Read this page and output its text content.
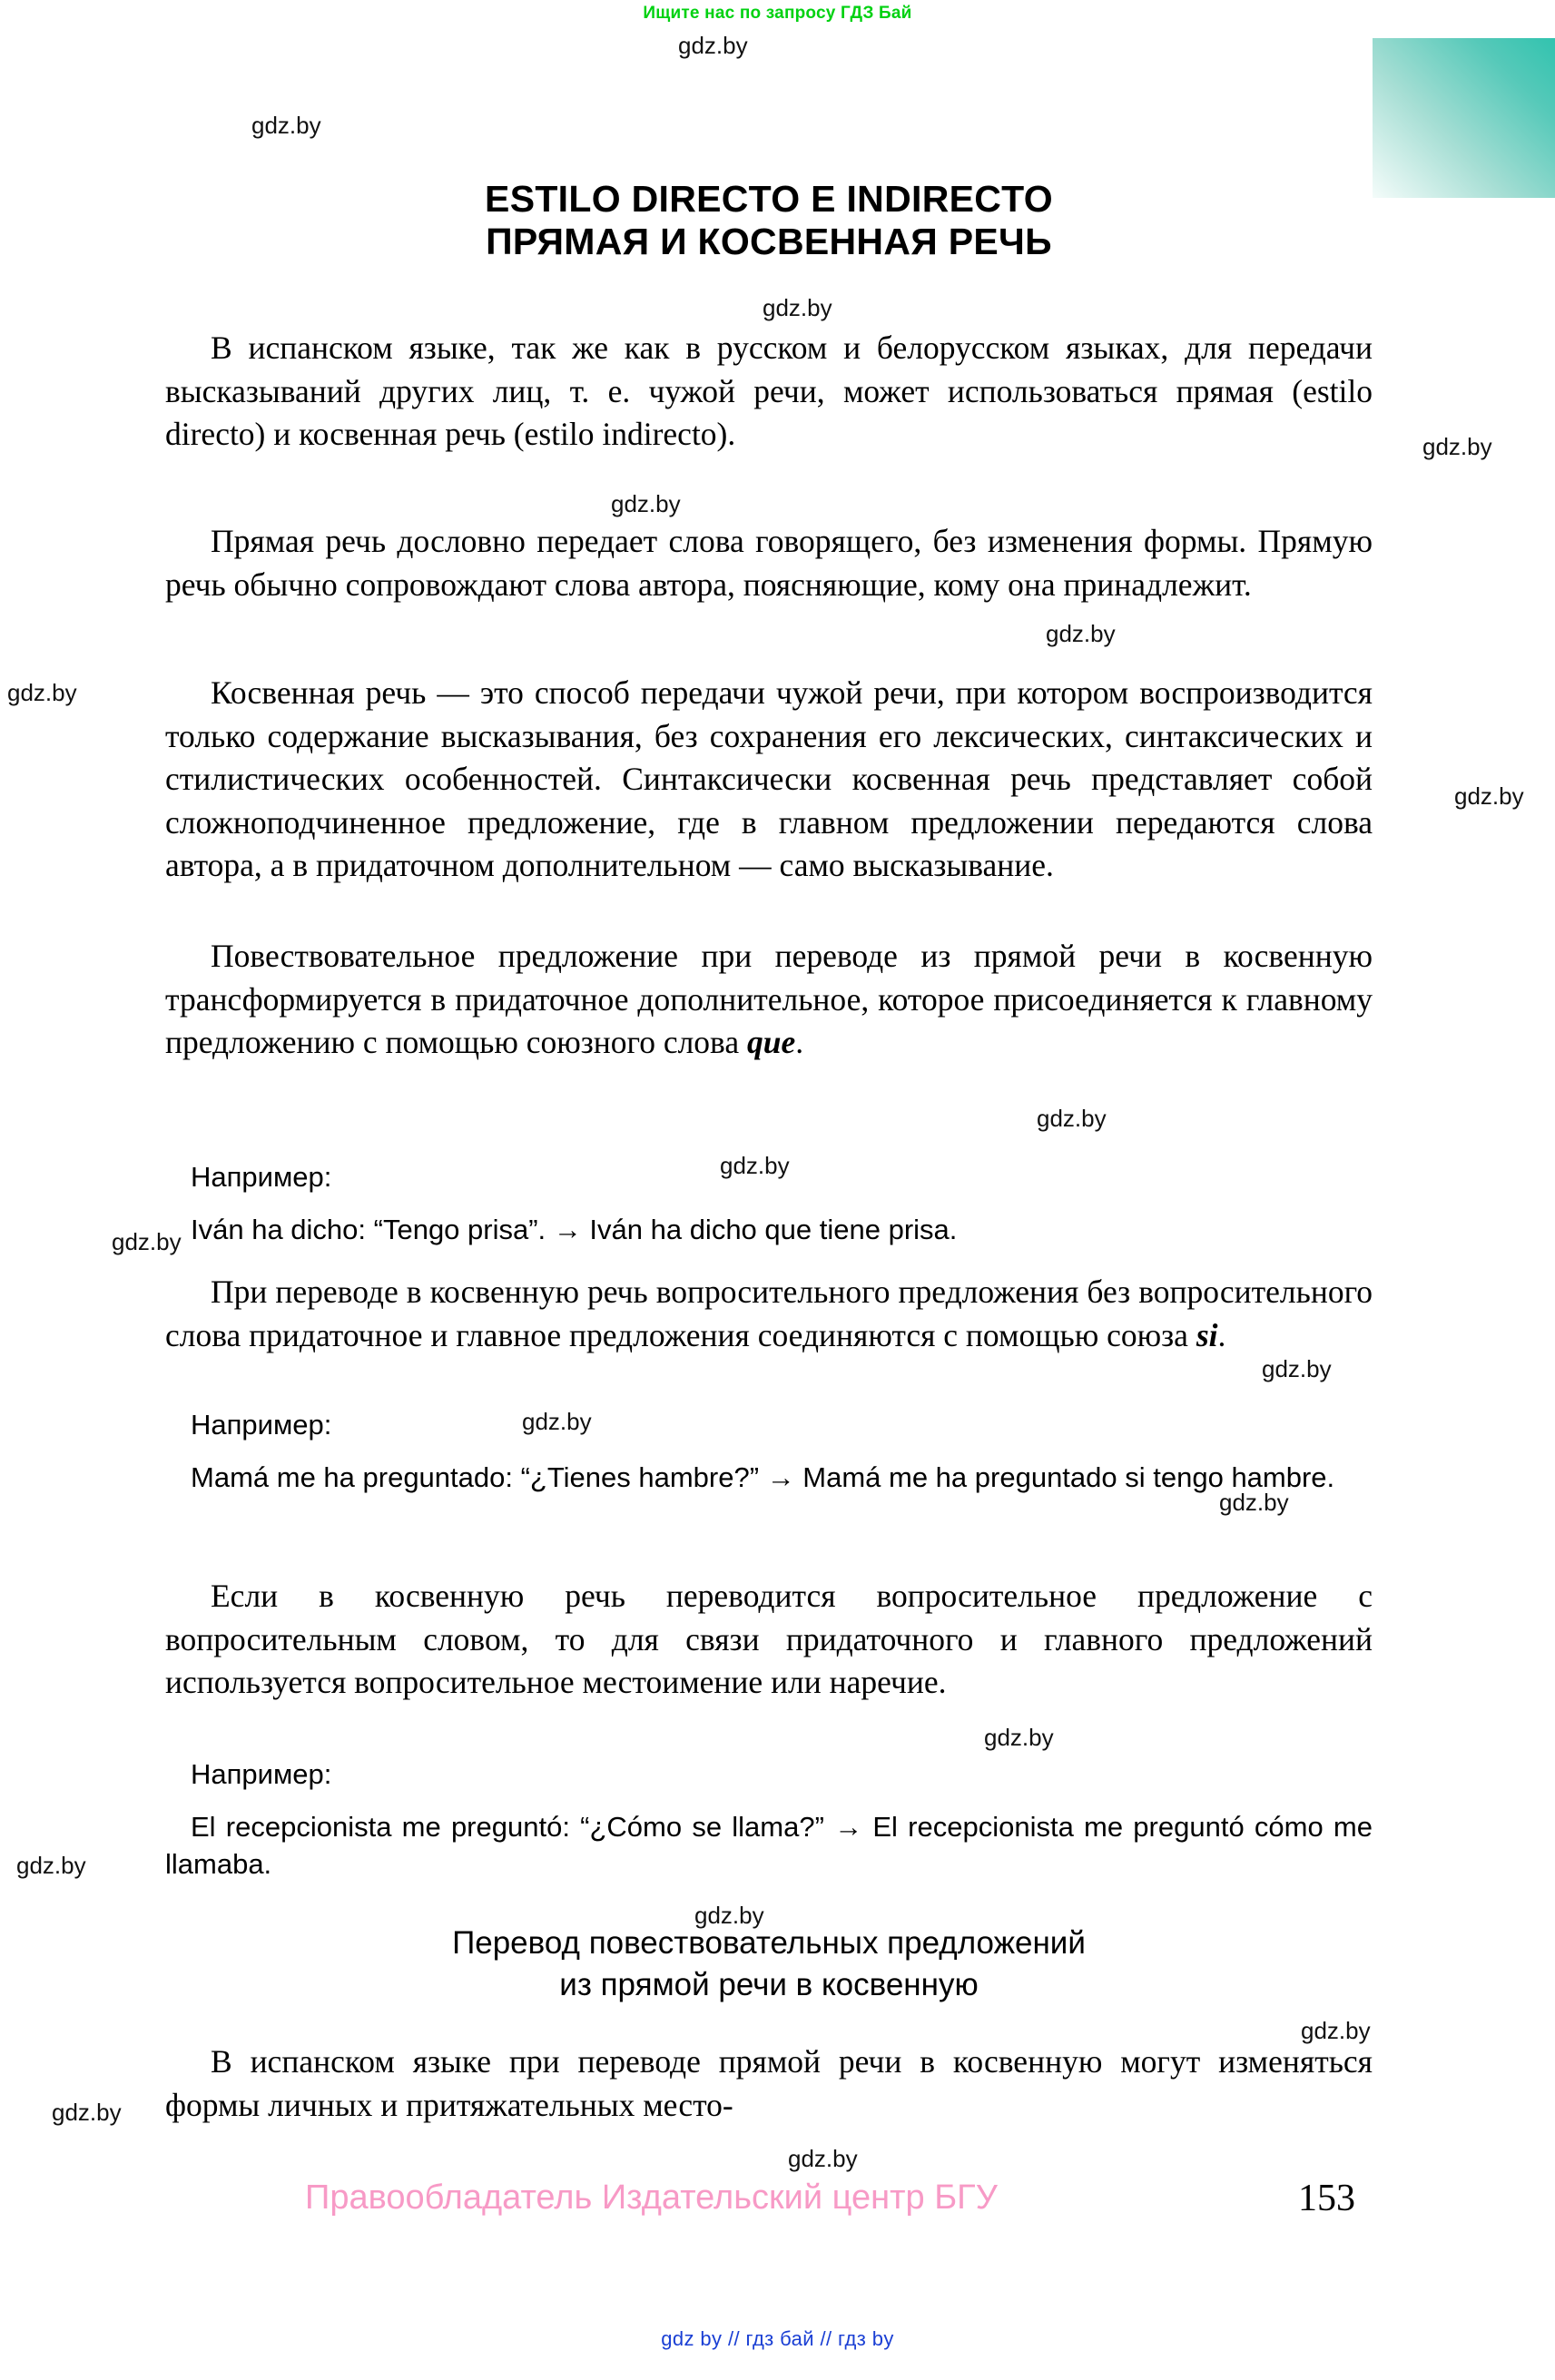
Ищите нас по запросу ГДЗ Бай
ESTILO DIRECTO E INDIRECTO
ПРЯМАЯ И КОСВЕННАЯ РЕЧЬ

В испанском языке, так же как в русском и белорусском языках, для передачи высказываний других лиц, т. е. чужой речи, может использоваться прямая (estilo directo) и косвенная речь (estilo indirecto).

Прямая речь дословно передает слова говорящего, без изменения формы. Прямую речь обычно сопровождают слова автора, поясняющие, кому она принадлежит.

Косвенная речь — это способ передачи чужой речи, при котором воспроизводится только содержание высказывания, без сохранения его лексических, синтаксических и стилистических особенностей. Синтаксически косвенная речь представляет собой сложноподчиненное предложение, где в главном предложении передаются слова автора, а в придаточном дополнительном — само высказывание.

Повествовательное предложение при переводе из прямой речи в косвенную трансформируется в придаточное дополнительное, которое присоединяется к главному предложению с помощью союзного слова que.

Например:

Iván ha dicho: “Tengo prisa”. → Iván ha dicho que tiene prisa.

При переводе в косвенную речь вопросительного предложения без вопросительного слова придаточное и главное предложения соединяются с помощью союза si.

Например:

Mamá me ha preguntado: “¿Tienes hambre?” → Mamá me ha preguntado si tengo hambre.

Если в косвенную речь переводится вопросительное предложение с вопросительным словом, то для связи придаточного и главного предложений используется вопросительное местоимение или наречие.

Например:

El recepcionista me preguntó: “¿Cómo se llama?” → El recepcionista me preguntó cómo me llamaba.

Перевод повествовательных предложений
из прямой речи в косвенную

В испанском языке при переводе прямой речи в косвенную могут изменяться формы личных и притяжательных место-

gdz.by
gdz.by
gdz.by
gdz.by
gdz.by
gdz.by
gdz.by
gdz.by
gdz.by
gdz.by
gdz.by
gdz.by
gdz.by
gdz.by
gdz.by
gdz.by
gdz.by
gdz.by
gdz.by
gdz.by
Правообладатель Издательский центр БГУ	153
gdz by // гдз бай // гдз by
